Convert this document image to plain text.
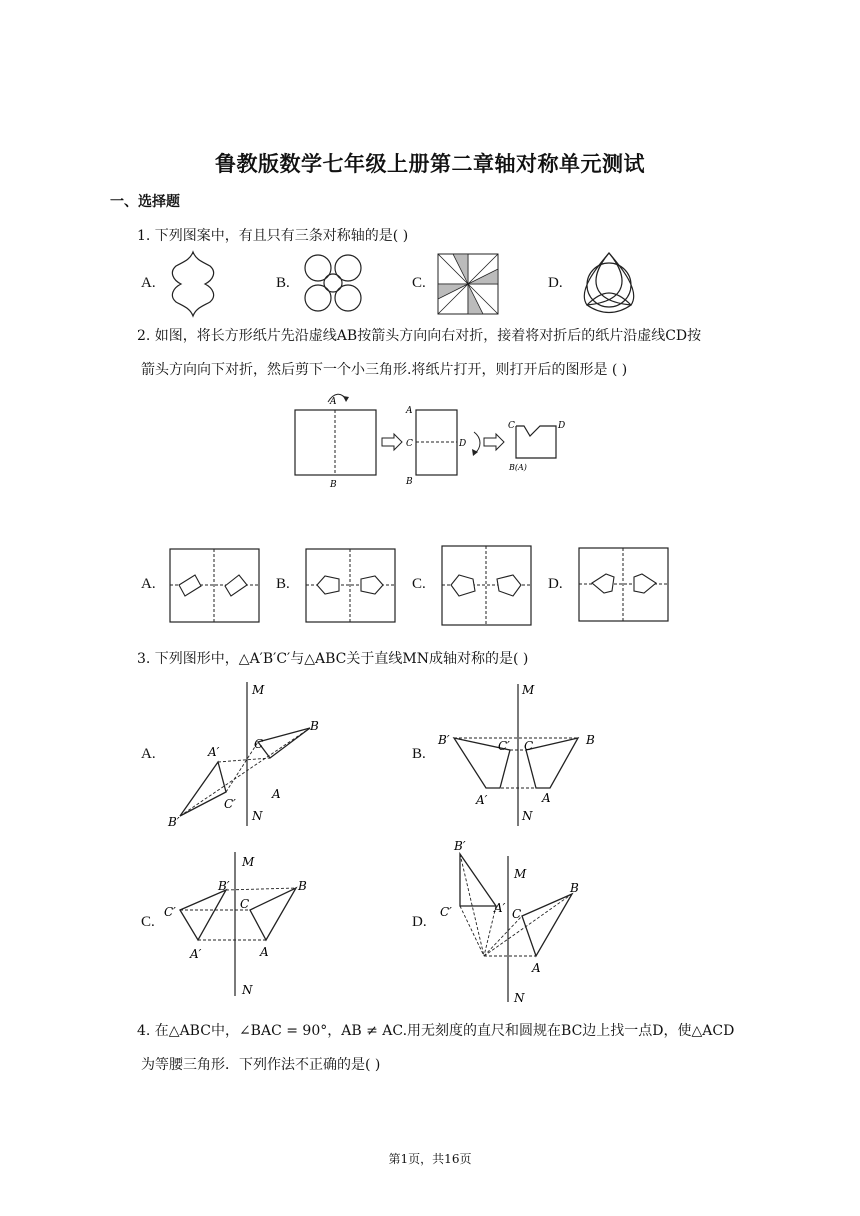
鲁教版数学七年级上册第二章轴对称单元测试
一、选择题
1. 下列图案中，有且只有三条对称轴的是( )
A.	B.	C.	D.
2. 如图，将长方形纸片先沿虚线AB按箭头方向向右对折，接着将对折后的纸片沿虚线CD按
箭头方向向下对折，然后剪下一个小三角形.将纸片打开，则打开后的图形是 ( )
A
B
A
C	D
B
C	D
B(A)
A.	B.	C.	D.
3. 下列图形中，△A′B′C′与△ABC关于直线MN成轴对称的是( )
A.	B.
C.	D.
M
N
B
C
A
A′
C′
B′
M
N
B′	C′ C	B
A′	A
M
N
C′
B′
C
B
A′	A
M
N
B′
C′	A′ C
B
A
4. 在△ABC中，∠BAC = 90°，AB ≠ AC.用无刻度的直尺和圆规在BC边上找一点D，使△ACD
为等腰三角形．下列作法不正确的是( )
第1页，共16页
